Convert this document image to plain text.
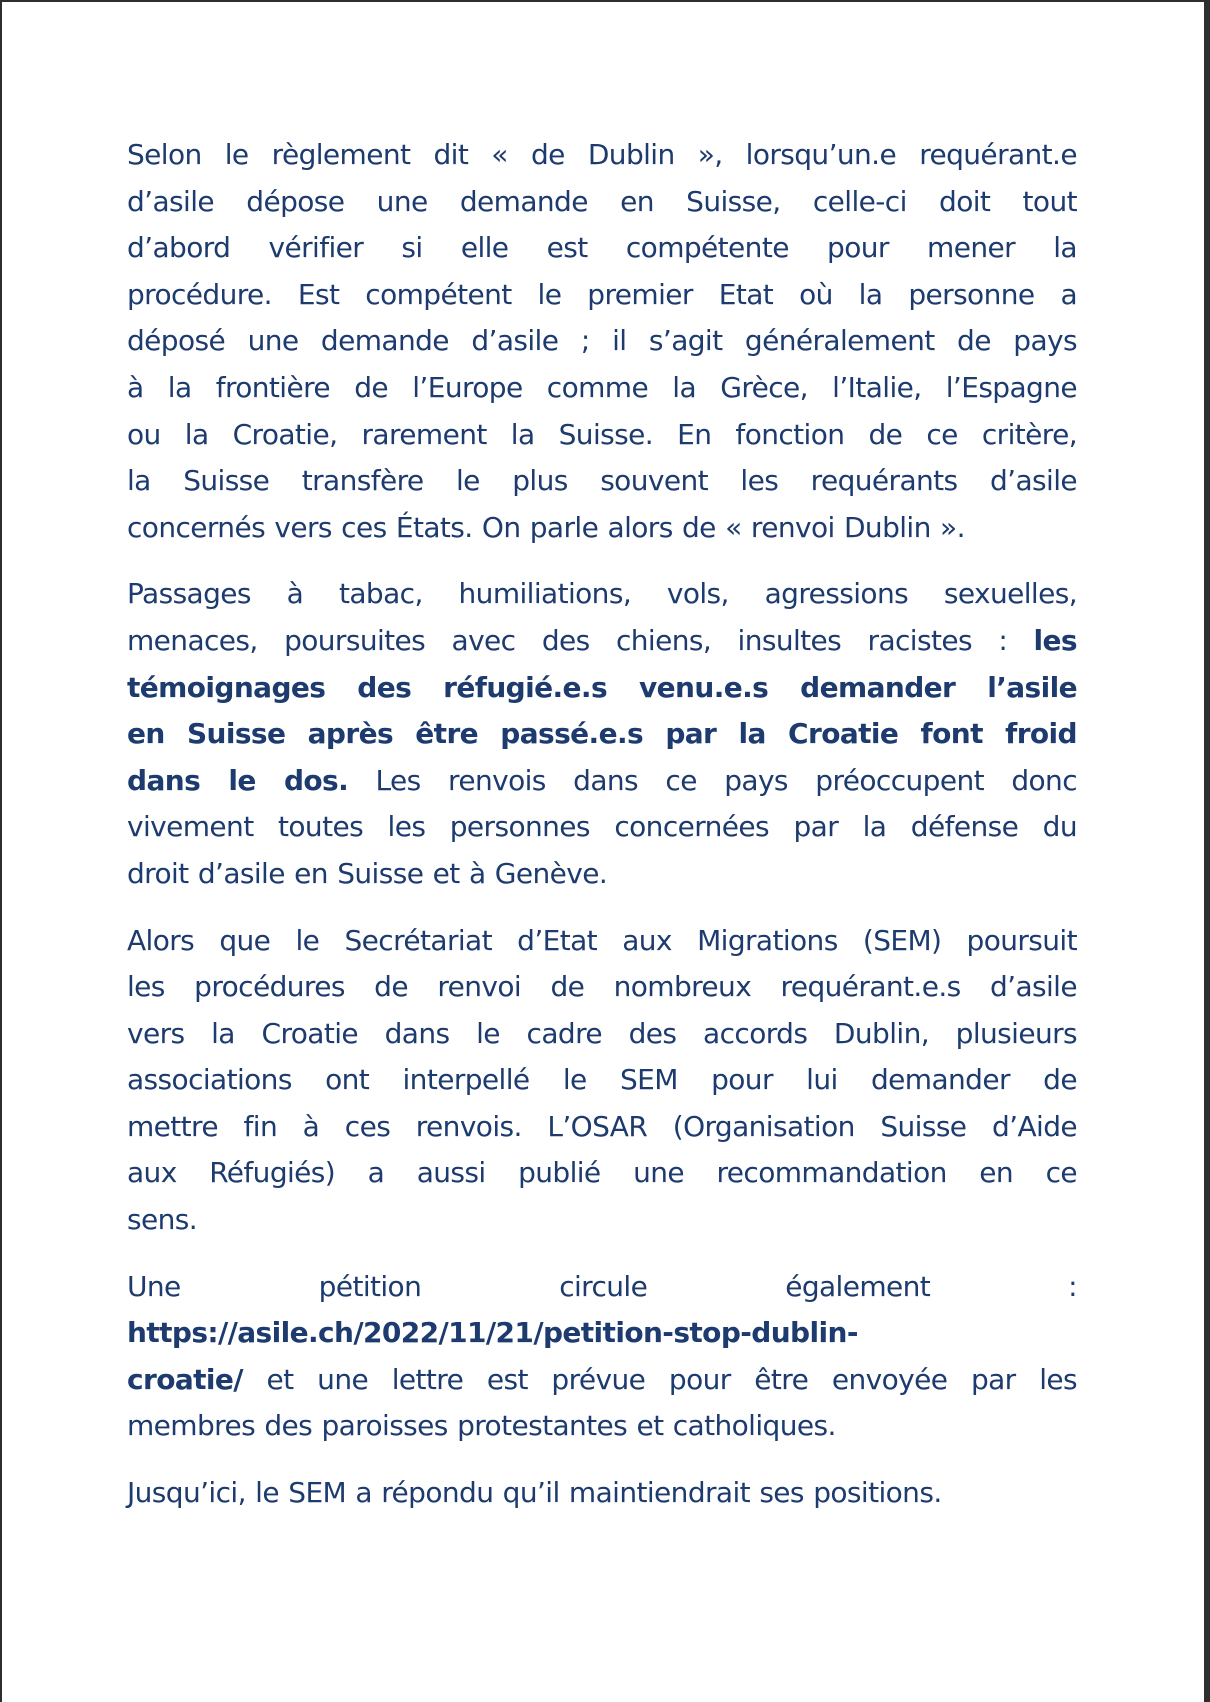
Selon le règlement dit « de Dublin », lorsqu’un.e requérant.e
d’asile dépose une demande en Suisse, celle-ci doit tout
d’abord vérifier si elle est compétente pour mener la
procédure. Est compétent le premier Etat où la personne a
déposé une demande d’asile ; il s’agit généralement de pays
à la frontière de l’Europe comme la Grèce, l’Italie, l’Espagne
ou la Croatie, rarement la Suisse. En fonction de ce critère,
la Suisse transfère le plus souvent les requérants d’asile
concernés vers ces États. On parle alors de « renvoi Dublin ».
Passages à tabac, humiliations, vols, agressions sexuelles,
menaces, poursuites avec des chiens, insultes racistes : les
témoignages des réfugié.e.s venu.e.s demander l’asile
en Suisse après être passé.e.s par la Croatie font froid
dans le dos. Les renvois dans ce pays préoccupent donc
vivement toutes les personnes concernées par la défense du
droit d’asile en Suisse et à Genève.
Alors que le Secrétariat d’Etat aux Migrations (SEM) poursuit
les procédures de renvoi de nombreux requérant.e.s d’asile
vers la Croatie dans le cadre des accords Dublin, plusieurs
associations ont interpellé le SEM pour lui demander de
mettre fin à ces renvois. L’OSAR (Organisation Suisse d’Aide
aux Réfugiés) a aussi publié une recommandation en ce
sens.
Une pétition circule également :
https://asile.ch/2022/11/21/petition-stop-dublin-
croatie/ et une lettre est prévue pour être envoyée par les
membres des paroisses protestantes et catholiques.
Jusqu’ici, le SEM a répondu qu’il maintiendrait ses positions.
